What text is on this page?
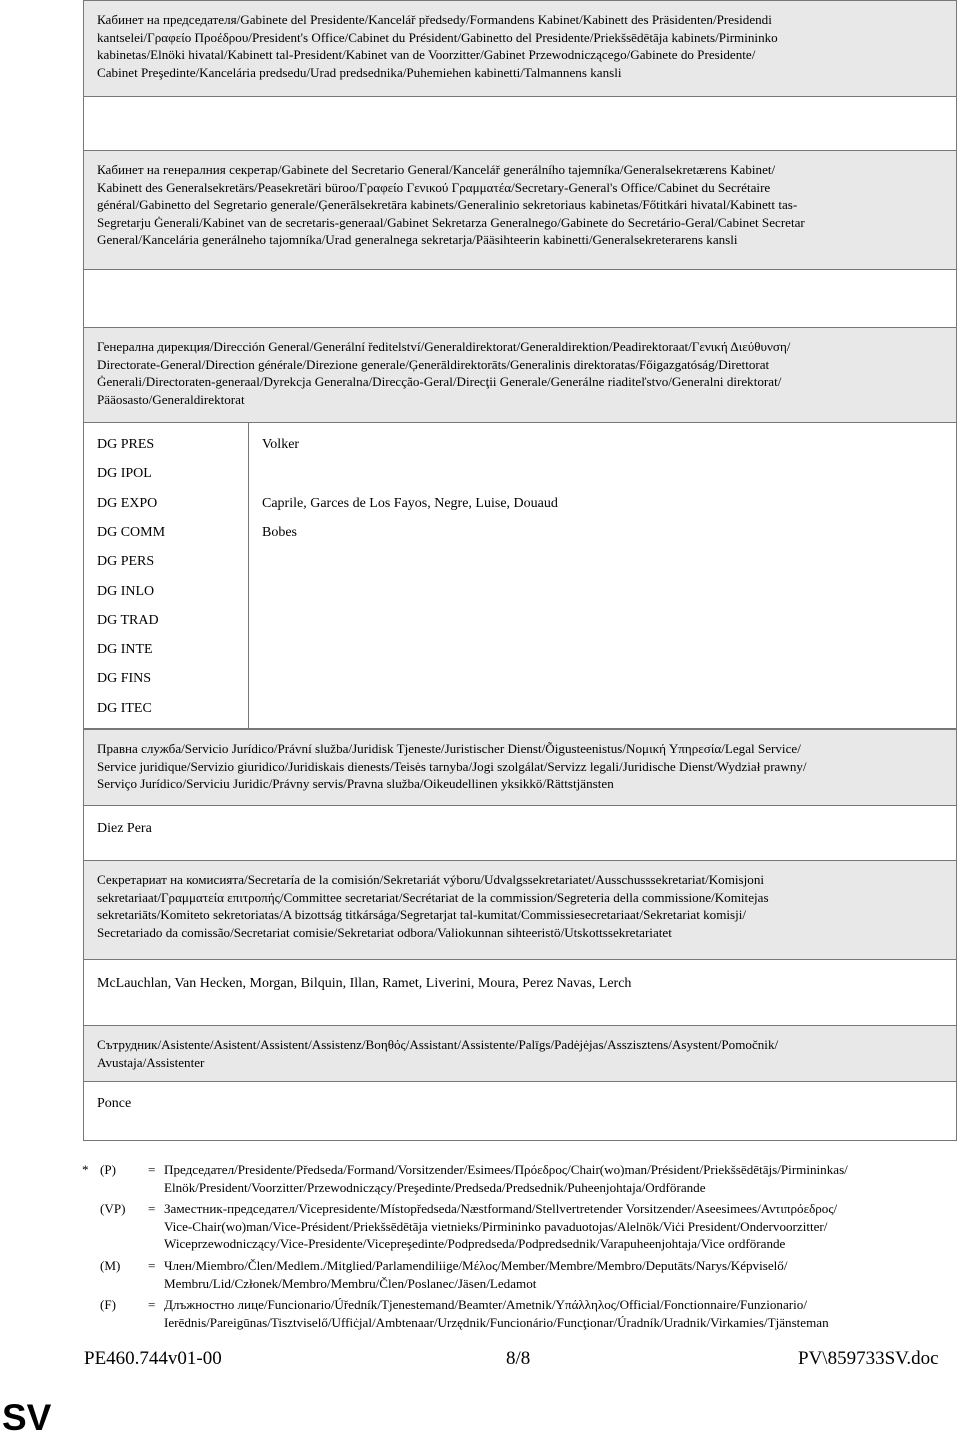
Кабинет на председателя/Gabinete del Presidente/Kancelář předsedy/Formandens Kabinet/Kabinett des Präsidenten/Presidendi
kantselei/Γραφείο Προέδρου/President's Office/Cabinet du Président/Gabinetto del Presidente/Priekšsēdētāja kabinets/Pirmininko
kabinetas/Elnöki hivatal/Kabinett tal-President/Kabinet van de Voorzitter/Gabinet Przewodniczącego/Gabinete do Presidente/
Cabinet Preşedinte/Kancelária predsedu/Urad predsednika/Puhemiehen kabinetti/Talmannens kansli
Кабинет на генералния секретар/Gabinete del Secretario General/Kancelář generálního tajemníka/Generalsekretærens Kabinet/
Kabinett des Generalsekretärs/Peasekretäri büroo/Γραφείο Γενικού Γραμματέα/Secretary-General's Office/Cabinet du Secrétaire
général/Gabinetto del Segretario generale/Ģenerālsekretāra kabinets/Generalinio sekretoriaus kabinetas/Főtitkári hivatal/Kabinett tas-
Segretarju Ġenerali/Kabinet van de secretaris-generaal/Gabinet Sekretarza Generalnego/Gabinete do Secretário-Geral/Cabinet Secretar
General/Kancelária generálneho tajomníka/Urad generalnega sekretarja/Pääsihteerin kabinetti/Generalsekreterarens kansli
Генерална дирекция/Dirección General/Generální ředitelství/Generaldirektorat/Generaldirektion/Peadirektoraat/Γενική Διεύθυνση/
Directorate-General/Direction générale/Direzione generale/Ģenerāldirektorāts/Generalinis direktoratas/Főigazgatóság/Direttorat
Ġenerali/Directoraten-generaal/Dyrekcja Generalna/Direcção-Geral/Direcţii Generale/Generálne riaditeľstvo/Generalni direktorat/
Pääosasto/Generaldirektorat
DG PRES	Volker
DG IPOL
DG EXPO	Caprile, Garces de Los Fayos, Negre, Luise, Douaud
DG COMM	Bobes
DG PERS
DG INLO
DG TRAD
DG INTE
DG FINS
DG ITEC
Правна служба/Servicio Jurídico/Právní služba/Juridisk Tjeneste/Juristischer Dienst/Õigusteenistus/Νομική Υπηρεσία/Legal Service/
Service juridique/Servizio giuridico/Juridiskais dienests/Teisės tarnyba/Jogi szolgálat/Servizz legali/Juridische Dienst/Wydział prawny/
Serviço Jurídico/Serviciu Juridic/Právny servis/Pravna služba/Oikeudellinen yksikkö/Rättstjänsten
Diez Pera
Секретариат на комисията/Secretaría de la comisión/Sekretariát výboru/Udvalgssekretariatet/Ausschusssekretariat/Komisjoni
sekretariaat/Γραμματεία επιτροπής/Committee secretariat/Secrétariat de la commission/Segreteria della commissione/Komitejas
sekretariāts/Komiteto sekretoriatas/A bizottság titkársága/Segretarjat tal-kumitat/Commissiesecretariaat/Sekretariat komisji/
Secretariado da comissão/Secretariat comisie/Sekretariat odbora/Valiokunnan sihteeristö/Utskottssekretariatet
McLauchlan, Van Hecken, Morgan, Bilquin, Illan, Ramet, Liverini, Moura, Perez Navas, Lerch
Сътрудник/Asistente/Asistent/Assistent/Assistenz/Βοηθός/Assistant/Assistente/Palīgs/Padėjėjas/Asszisztens/Asystent/Pomočnik/
Avustaja/Assistenter
Ponce
* (P)	= Председател/Presidente/Předseda/Formand/Vorsitzender/Esimees/Πρόεδρος/Chair(wo)man/Président/Priekšsēdētājs/Pirmininkas/
Elnök/President/Voorzitter/Przewodniczący/Preşedinte/Predseda/Predsednik/Puheenjohtaja/Ordförande
(VP)	= Заместник-председател/Vicepresidente/Místopředseda/Næstformand/Stellvertretender Vorsitzender/Aseesimees/Αντιπρόεδρος/
Vice-Chair(wo)man/Vice-Président/Priekšsēdētāja vietnieks/Pirmininko pavaduotojas/Alelnök/Viċi President/Ondervoorzitter/
Wiceprzewodniczący/Vice-Presidente/Vicepreşedinte/Podpredseda/Podpredsednik/Varapuheenjohtaja/Vice ordförande
(M)	= Член/Miembro/Člen/Medlem./Mitglied/Parlamendiliige/Μέλος/Member/Membre/Membro/Deputāts/Narys/Képviselő/
Membru/Lid/Członek/Membro/Membru/Člen/Poslanec/Jäsen/Ledamot
(F)	= Длъжностно лице/Funcionario/Úředník/Tjenestemand/Beamter/Ametnik/Υπάλληλος/Official/Fonctionnaire/Funzionario/
Ierēdnis/Pareigūnas/Tisztviselő/Uffiċjal/Ambtenaar/Urzędnik/Funcionário/Funcţionar/Úradník/Uradnik/Virkamies/Tjänsteman
PE460.744v01-00	8/8	PV\859733SV.doc
SV
